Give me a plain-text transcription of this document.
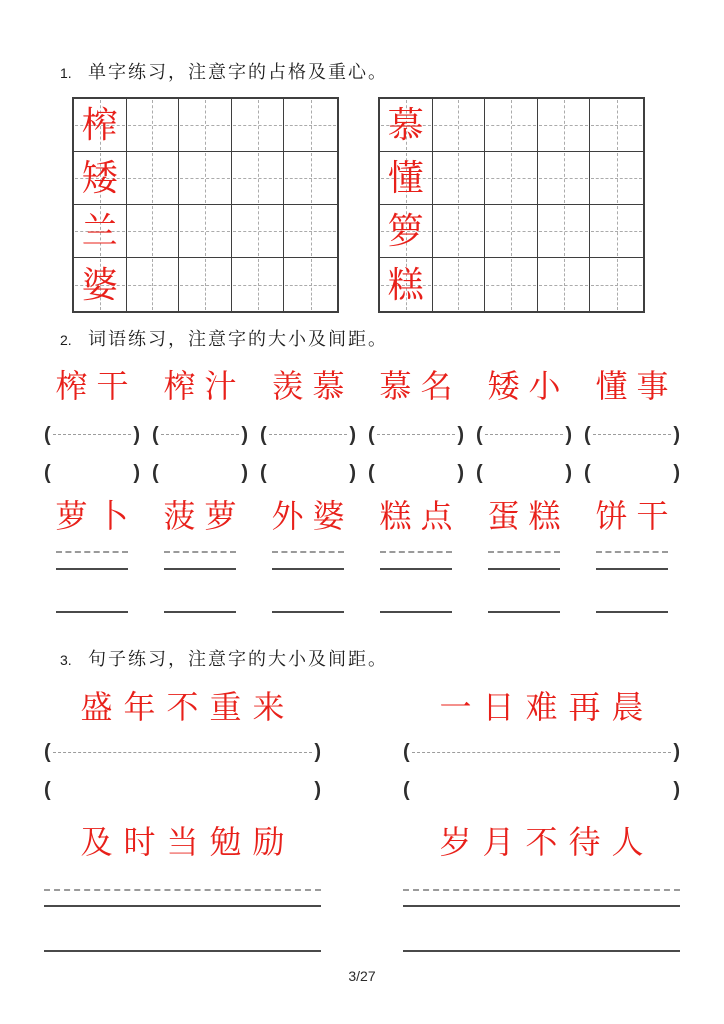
1. 单字练习，注意字的占格及重心。
榨
矮
兰
婆
慕
懂
箩
糕
2. 词语练习，注意字的大小及间距。
榨干
(	)
(	)
榨汁
(	)
(	)
羡慕
(	)
(	)
慕名
(	)
(	)
矮小
(	)
(	)
懂事
(	)
(	)
萝卜 菠萝 外婆 糕点 蛋糕 饼干
3. 句子练习，注意字的大小及间距。
盛年不重来	一日难再晨
(	)	(	)
(	)	(	)
及时当勉励	岁月不待人
3/27
